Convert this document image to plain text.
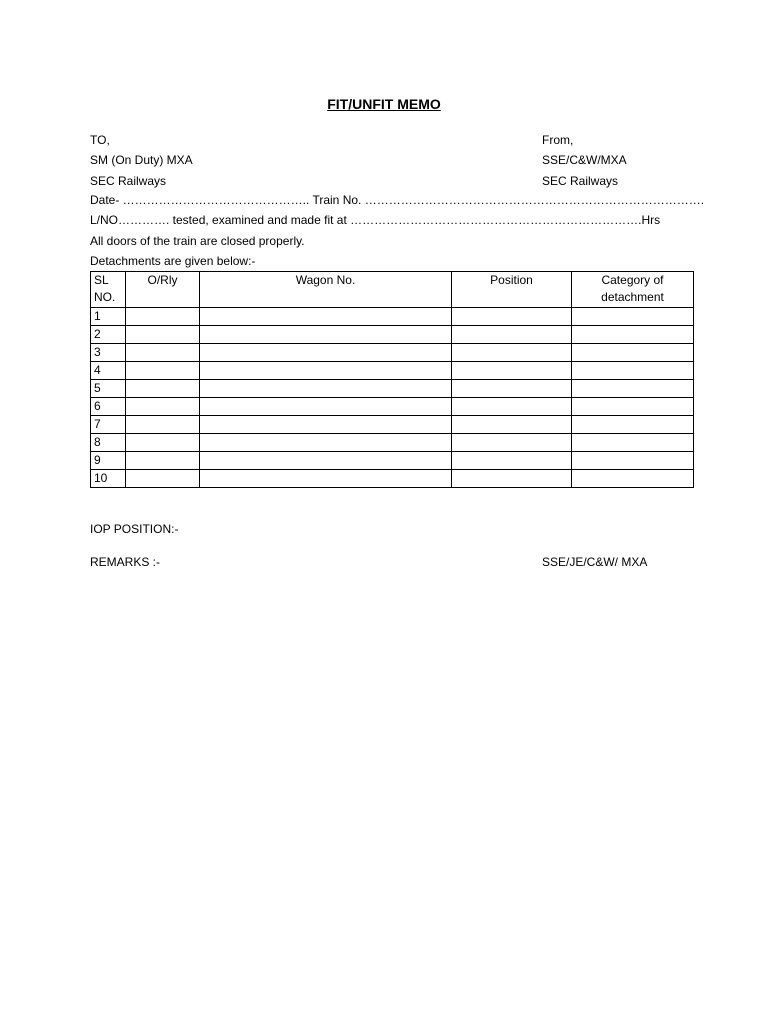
FIT/UNFIT MEMO
TO,	From,
SM (On Duty) MXA	SSE/C&W/MXA
SEC Railways	SEC Railways
Date- ……………………………………….. Train No. ………………………………………………………………………….
L/NO…………. tested, examined and made fit at ……………………………………………………………….Hrs
All doors of the train are closed properly.
Detachments are given below:-
SL NO.	O/Rly	Wagon No.	Position	Category of detachment
1				
2				
3				
4				
5				
6				
7				
8				
9				
10				
IOP POSITION:-
REMARKS :-	SSE/JE/C&W/ MXA
